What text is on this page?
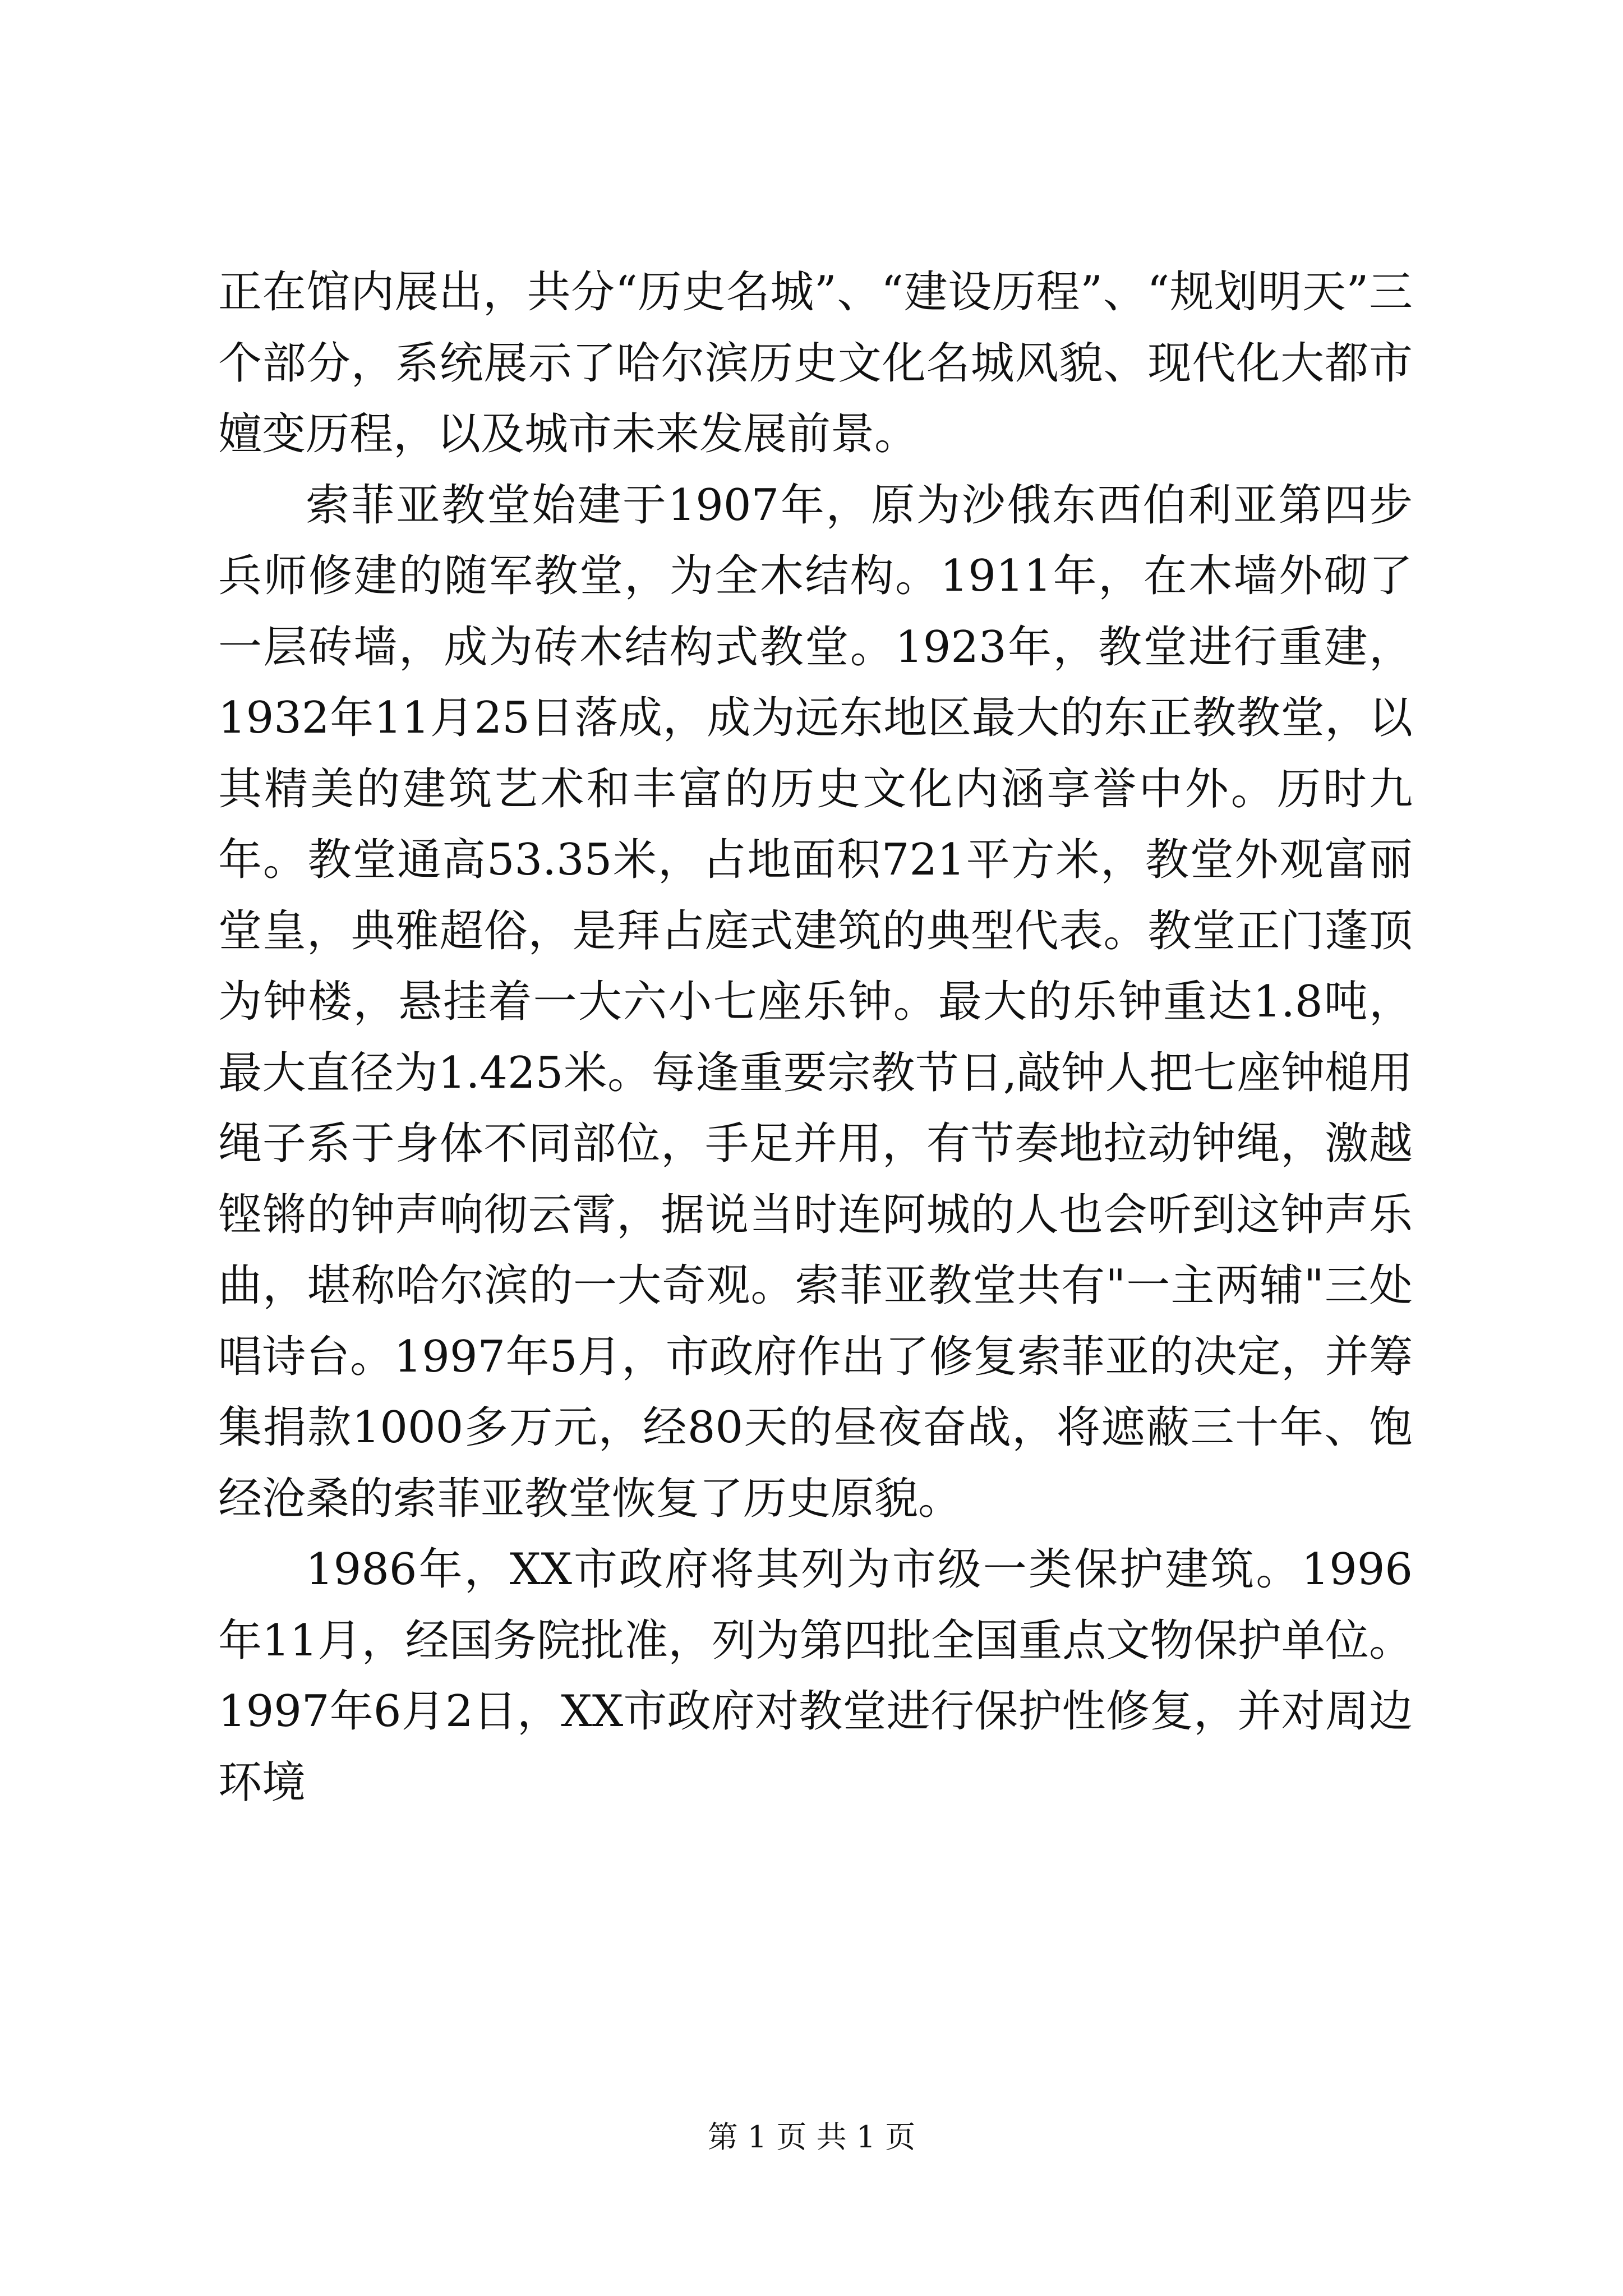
正在馆内展出，共分“历史名城”、“建设历程”、“规划明天”三个部分，系统展示了哈尔滨历史文化名城风貌、现代化大都市嬗变历程，以及城市未来发展前景。

索菲亚教堂始建于1907年，原为沙俄东西伯利亚第四步兵师修建的随军教堂，为全木结构。1911年，在木墙外砌了一层砖墙，成为砖木结构式教堂。1923年，教堂进行重建，1932年11月25日落成，成为远东地区最大的东正教教堂，以其精美的建筑艺术和丰富的历史文化内涵享誉中外。历时九年。教堂通高53.35米，占地面积721平方米，教堂外观富丽堂皇，典雅超俗，是拜占庭式建筑的典型代表。教堂正门蓬顶为钟楼，悬挂着一大六小七座乐钟。最大的乐钟重达1.8吨，最大直径为1.425米。每逢重要宗教节日,敲钟人把七座钟槌用绳子系于身体不同部位，手足并用，有节奏地拉动钟绳，激越铿锵的钟声响彻云霄，据说当时连阿城的人也会听到这钟声乐曲，堪称哈尔滨的一大奇观。索菲亚教堂共有"一主两辅"三处唱诗台。1997年5月，市政府作出了修复索菲亚的决定，并筹集捐款1000多万元，经80天的昼夜奋战，将遮蔽三十年、饱经沧桑的索菲亚教堂恢复了历史原貌。

1986年，XX市政府将其列为市级一类保护建筑。1996年11月，经国务院批准，列为第四批全国重点文物保护单位。1997年6月2日，XX市政府对教堂进行保护性修复，并对周边环境

第 1 页 共 1 页
